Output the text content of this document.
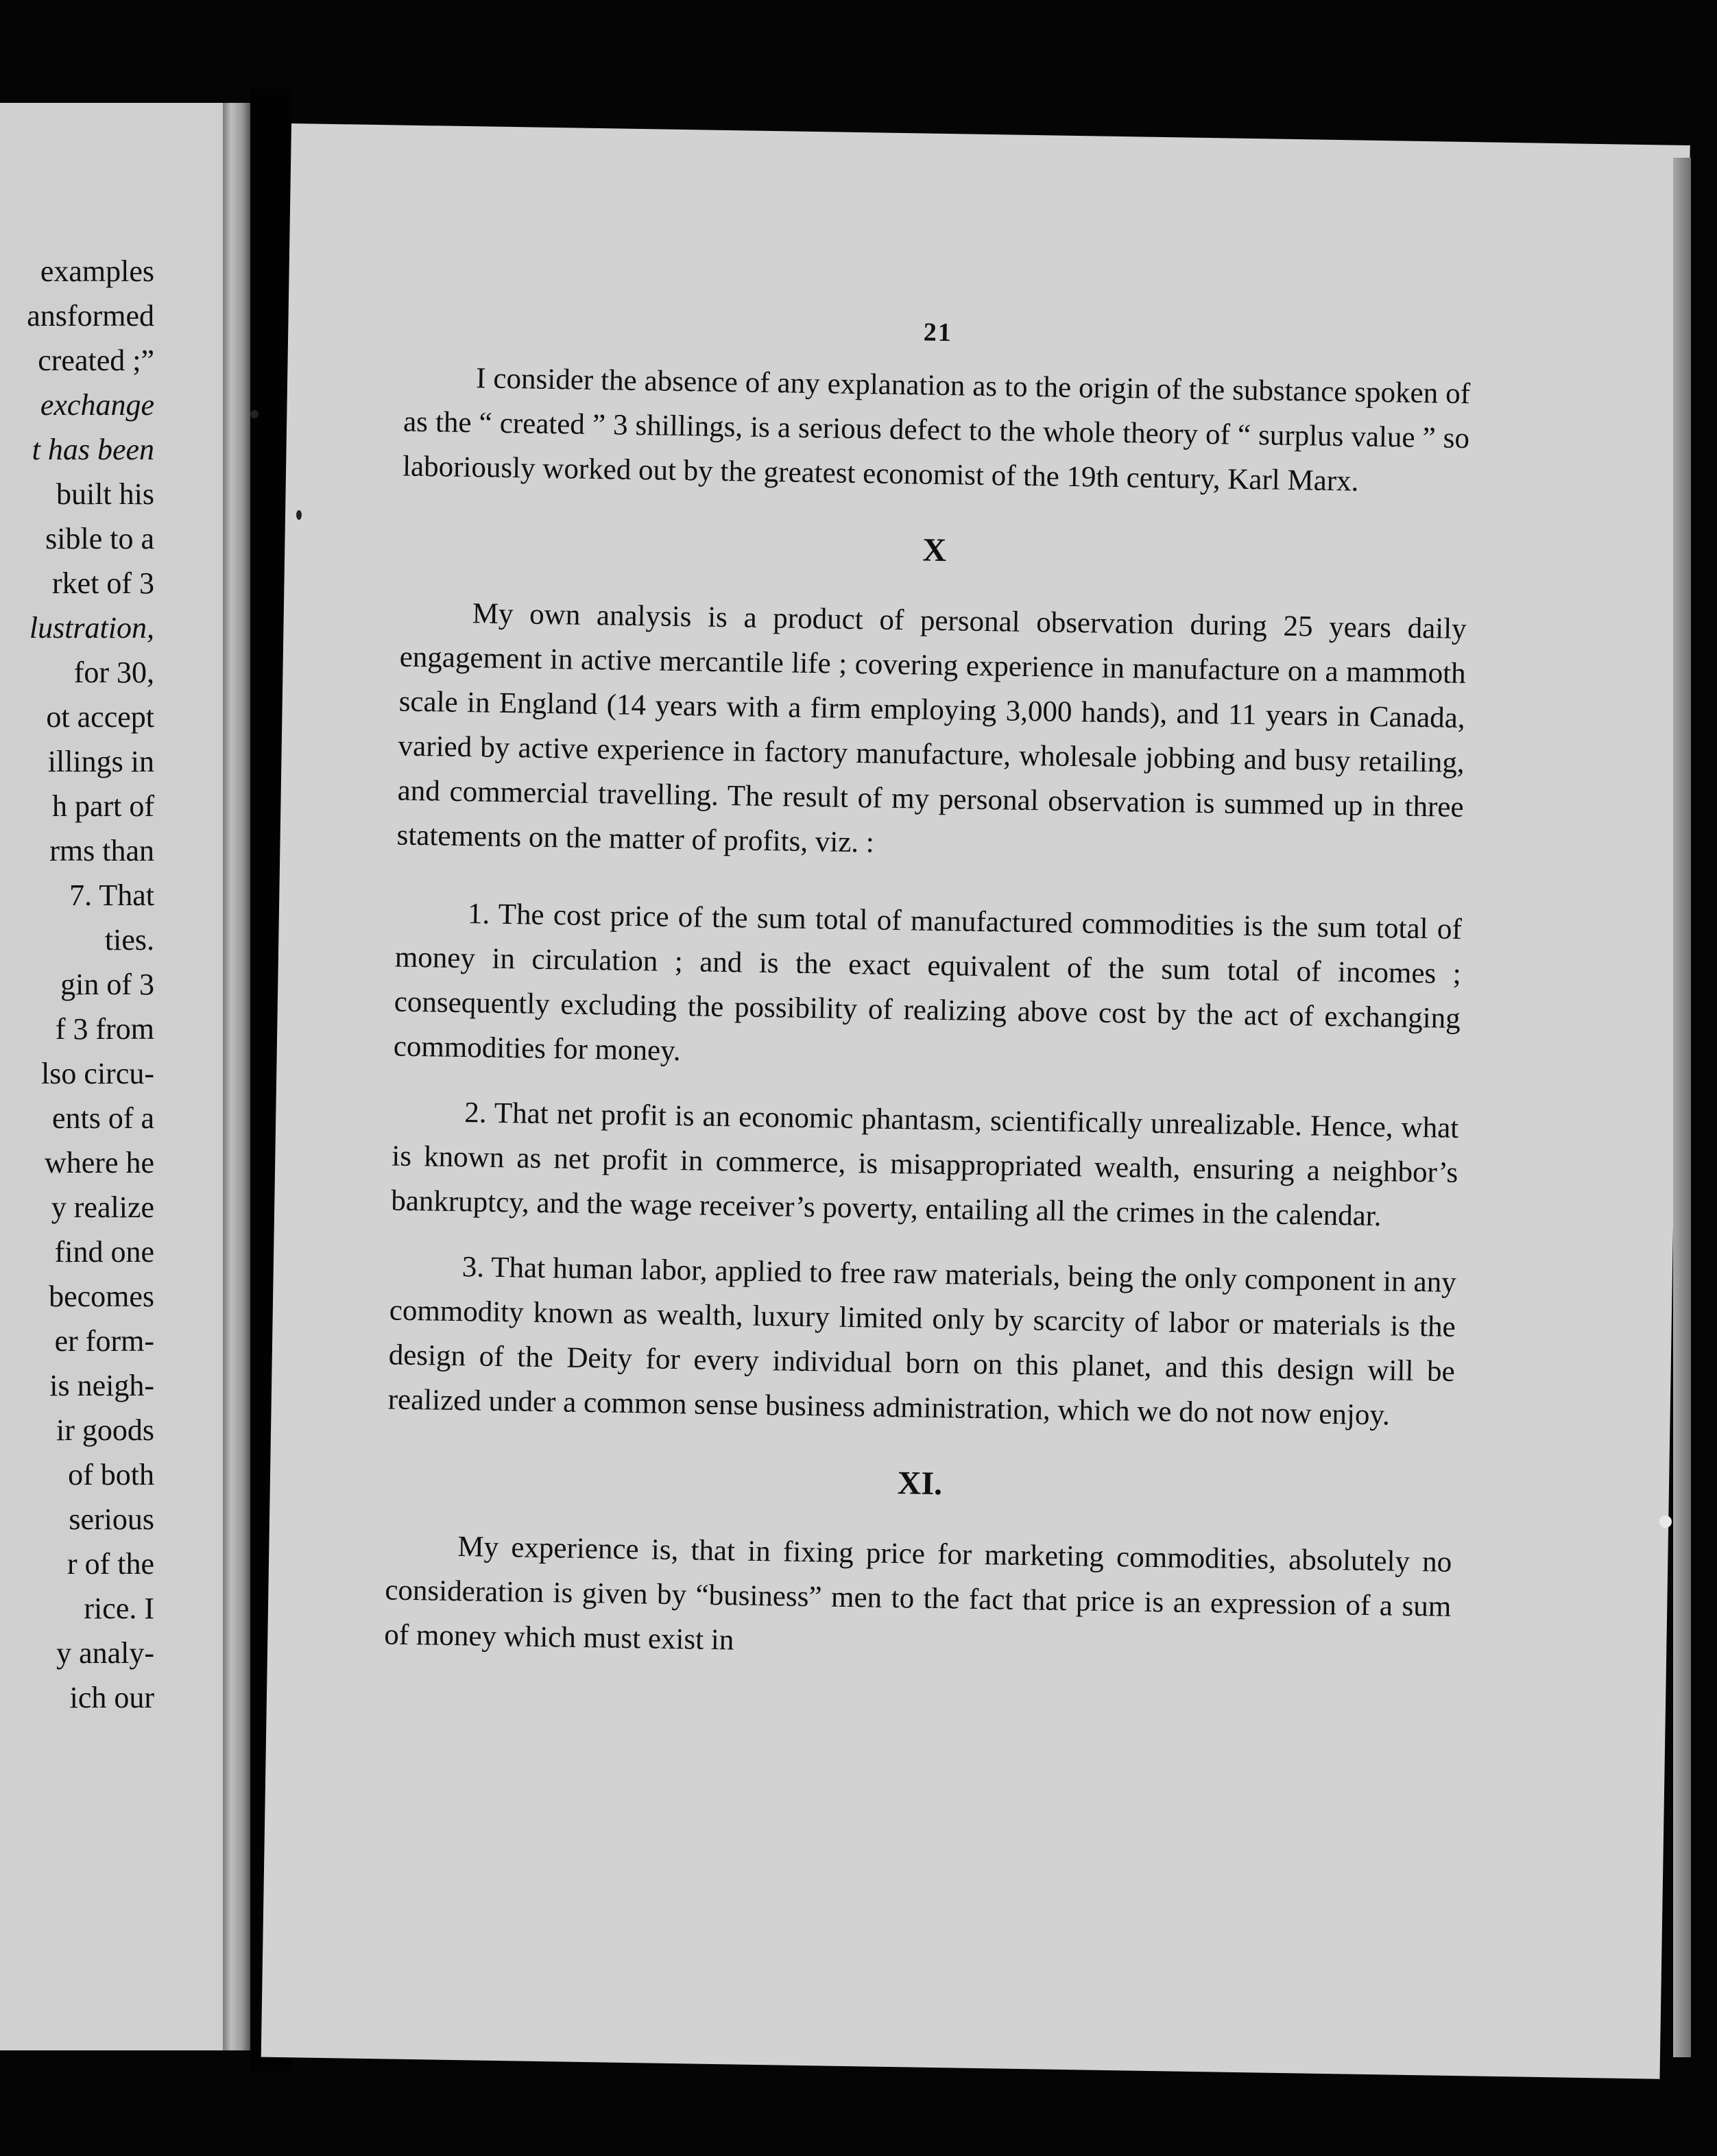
examples
ansformed
created ;”
exchange
t has been
built his
sible to a
rket of 3
lustration,
for 30,
ot accept
illings in
h part of
rms than
7. That
ties.
gin of 3
f 3 from
lso circu-
ents of a
where he
y realize
find one
becomes
er form-
is neigh-
ir goods
of both
serious
r of the
rice. I
y analy-
ich our
21

I consider the absence of any explanation as to the origin of the substance spoken of as the “ created ” 3 shillings, is a serious defect to the whole theory of “ surplus value ” so laboriously worked out by the greatest economist of the 19th century, Karl Marx.

X

My own analysis is a product of personal observation during 25 years daily engagement in active mercantile life ; covering experience in manufacture on a mammoth scale in England (14 years with a firm employing 3,000 hands), and 11 years in Canada, varied by active experience in factory manufacture, wholesale jobbing and busy retailing, and commercial travelling. The result of my personal observation is summed up in three statements on the matter of profits, viz. :

1. The cost price of the sum total of manufactured commodities is the sum total of money in circulation ; and is the exact equivalent of the sum total of incomes ; consequently excluding the possibility of realizing above cost by the act of exchanging commodities for money.

2. That net profit is an economic phantasm, scientifically unrealizable. Hence, what is known as net profit in commerce, is misappropriated wealth, ensuring a neighbor’s bankruptcy, and the wage receiver’s poverty, entailing all the crimes in the calendar.

3. That human labor, applied to free raw materials, being the only component in any commodity known as wealth, luxury limited only by scarcity of labor or materials is the design of the Deity for every individual born on this planet, and this design will be realized under a common sense business administration, which we do not now enjoy.

XI.

My experience is, that in fixing price for marketing commodities, absolutely no consideration is given by “business” men to the fact that price is an expression of a sum of money which must exist in
